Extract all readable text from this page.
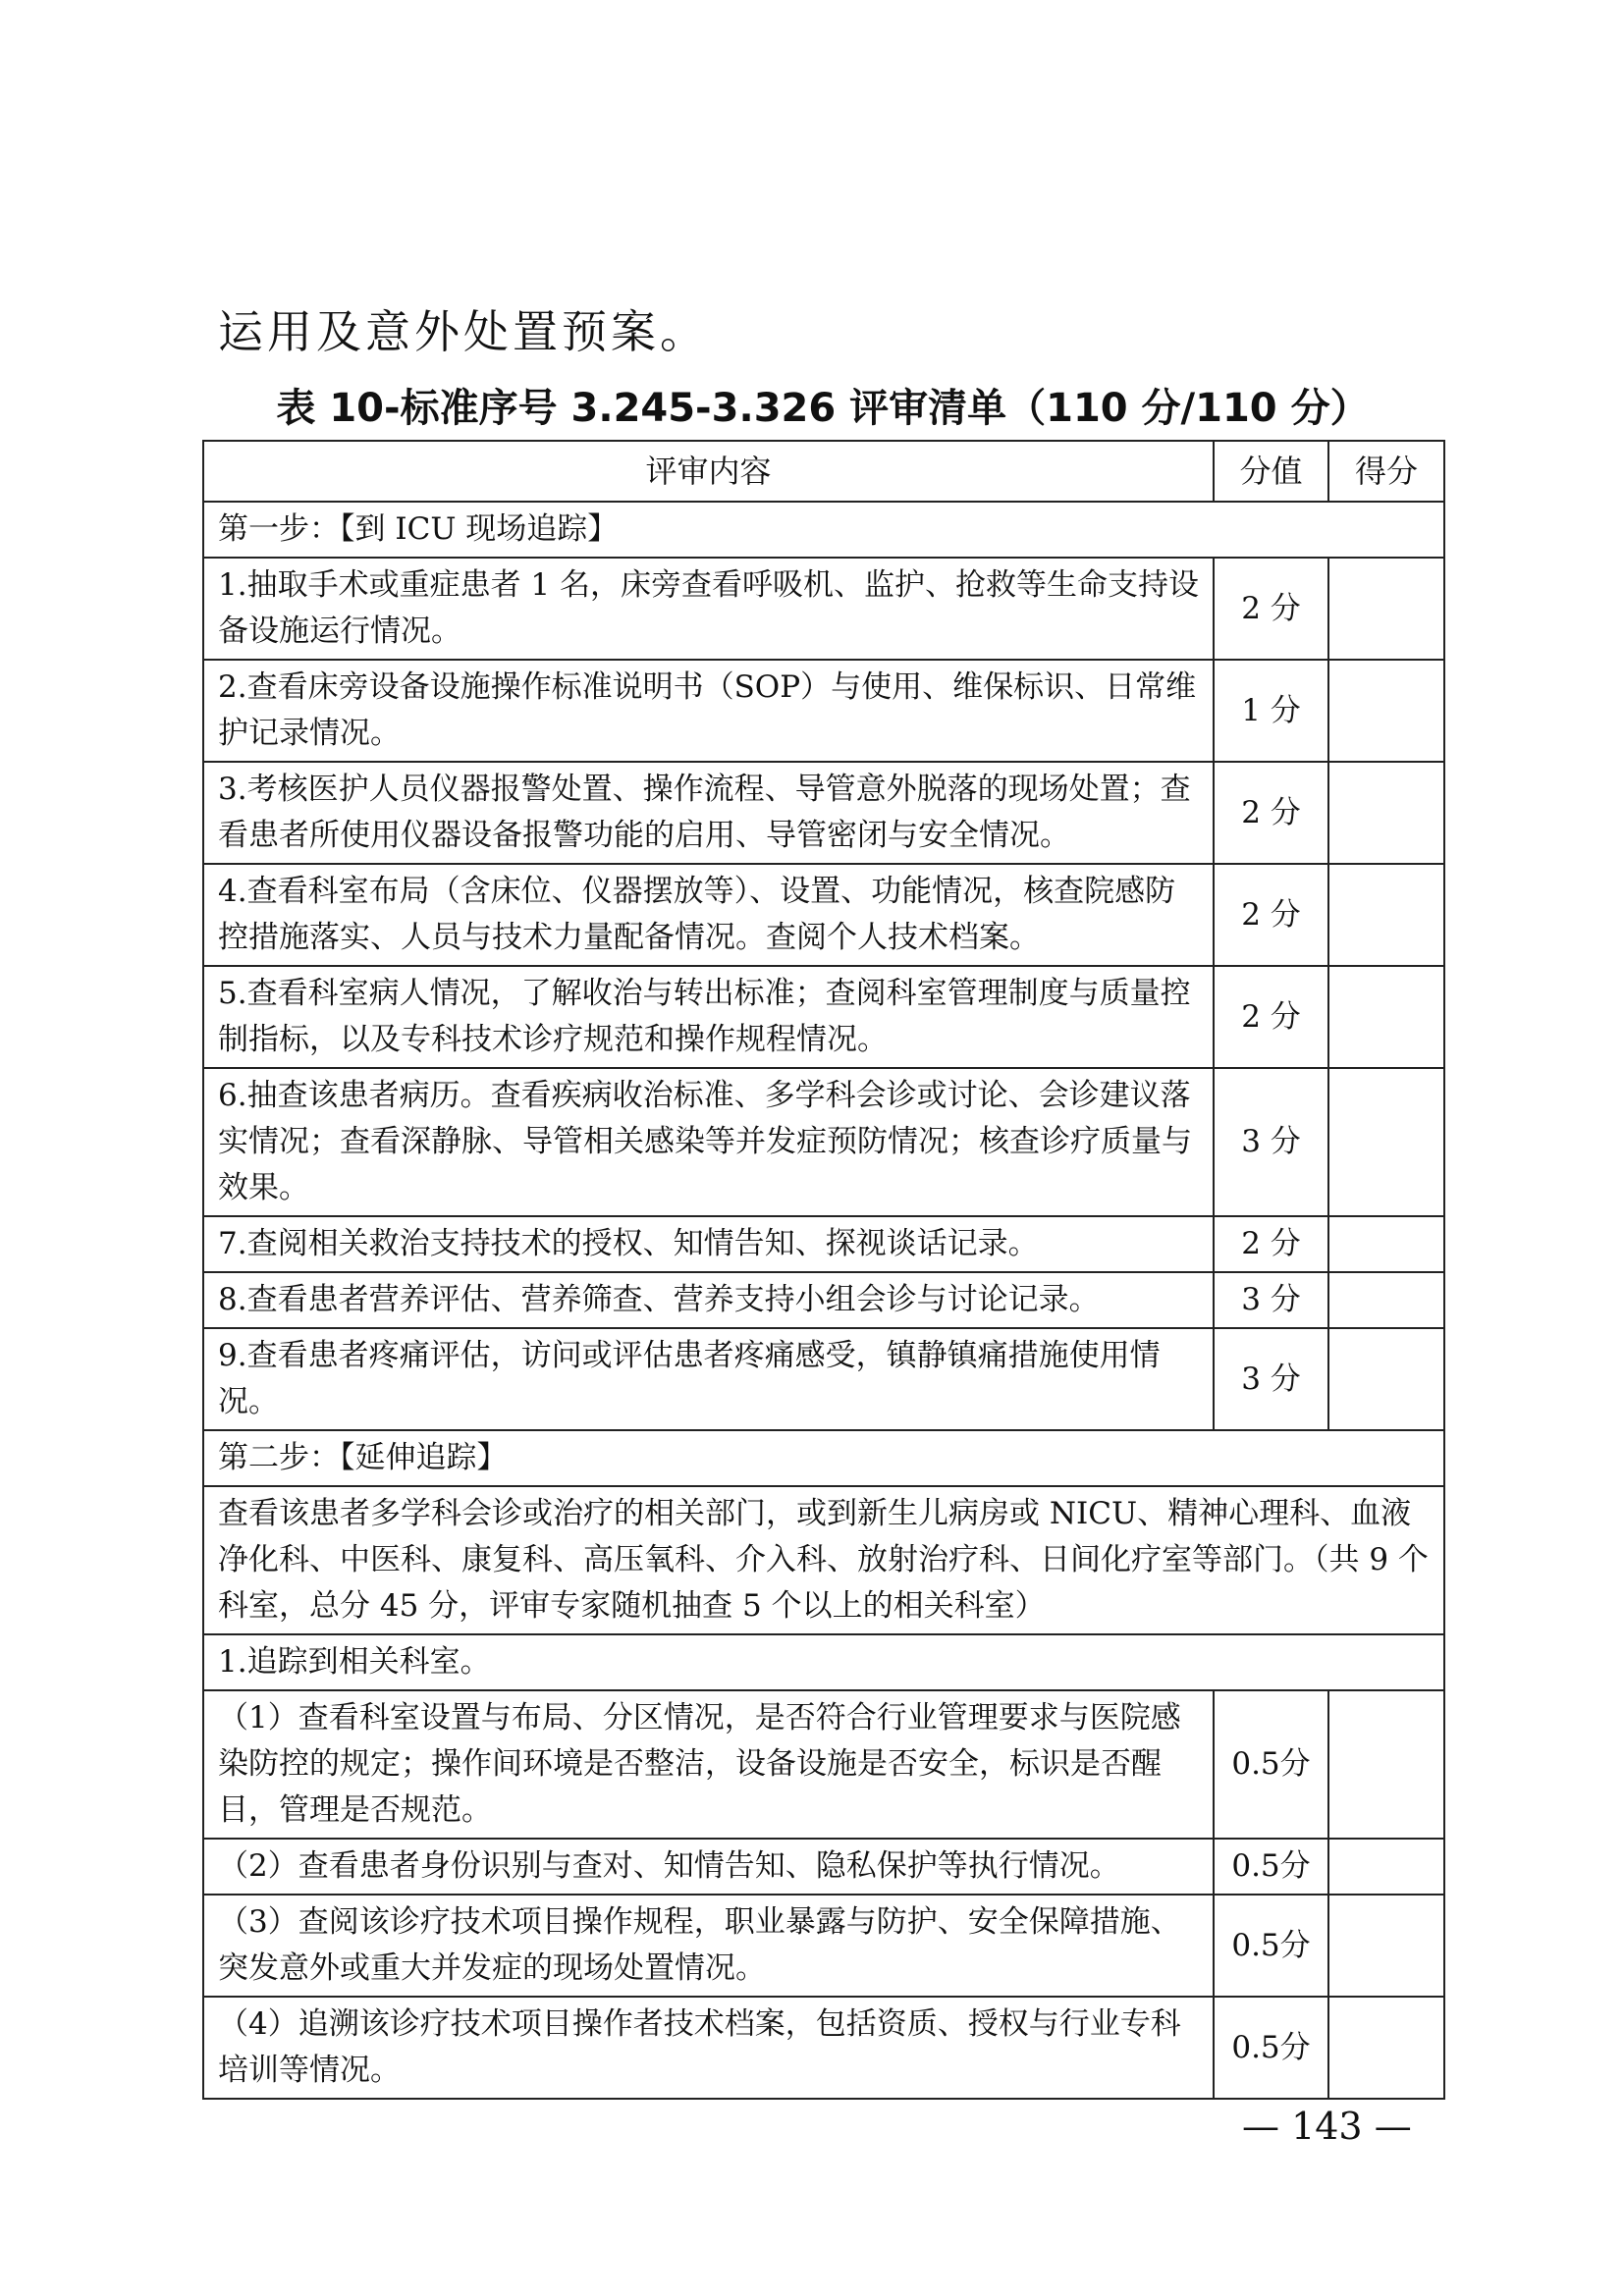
运用及意外处置预案。

表 10-标准序号 3.245-3.326 评审清单（110 分/110 分）
评审内容	分值	得分
第一步：【到 ICU 现场追踪】		
1.抽取手术或重症患者 1 名，床旁查看呼吸机、监护、抢救等生命支持设备设施运行情况。	2 分	
2.查看床旁设备设施操作标准说明书（SOP）与使用、维保标识、日常维护记录情况。	1 分	
3.考核医护人员仪器报警处置、操作流程、导管意外脱落的现场处置；查看患者所使用仪器设备报警功能的启用、导管密闭与安全情况。	2 分	
4.查看科室布局（含床位、仪器摆放等）、设置、功能情况，核查院感防控措施落实、人员与技术力量配备情况。查阅个人技术档案。	2 分	
5.查看科室病人情况，了解收治与转出标准；查阅科室管理制度与质量控制指标，以及专科技术诊疗规范和操作规程情况。	2 分	
6.抽查该患者病历。查看疾病收治标准、多学科会诊或讨论、会诊建议落实情况；查看深静脉、导管相关感染等并发症预防情况；核查诊疗质量与效果。	3 分	
7.查阅相关救治支持技术的授权、知情告知、探视谈话记录。	2 分	
8.查看患者营养评估、营养筛查、营养支持小组会诊与讨论记录。	3 分	
9.查看患者疼痛评估，访问或评估患者疼痛感受，镇静镇痛措施使用情况。	3 分	
第二步：【延伸追踪】		
查看该患者多学科会诊或治疗的相关部门，或到新生儿病房或 NICU、精神心理科、血液净化科、中医科、康复科、高压氧科、介入科、放射治疗科、日间化疗室等部门。（共 9 个科室，总分 45 分，评审专家随机抽查 5 个以上的相关科室）		
1.追踪到相关科室。		
（1）查看科室设置与布局、分区情况，是否符合行业管理要求与医院感染防控的规定；操作间环境是否整洁，设备设施是否安全，标识是否醒目，管理是否规范。	0.5分	
（2）查看患者身份识别与查对、知情告知、隐私保护等执行情况。	0.5分	
（3）查阅该诊疗技术项目操作规程，职业暴露与防护、安全保障措施、突发意外或重大并发症的现场处置情况。	0.5分	
（4）追溯该诊疗技术项目操作者技术档案，包括资质、授权与行业专科培训等情况。	0.5分	

— 143 —
